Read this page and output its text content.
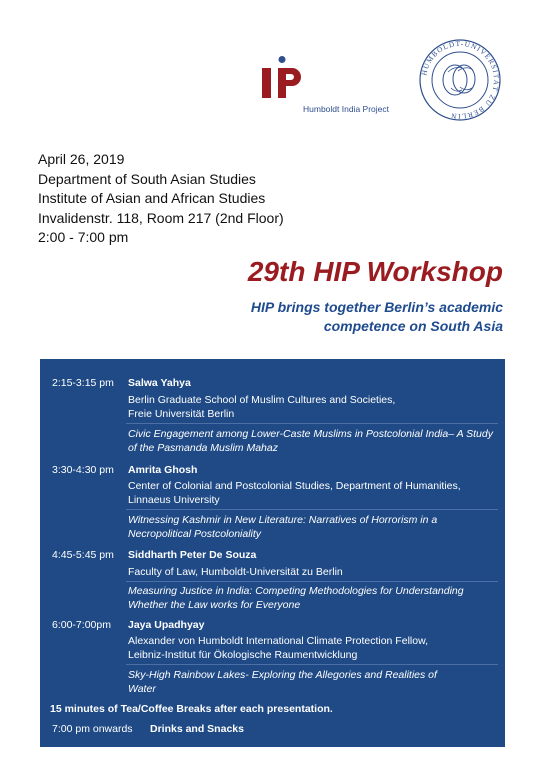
Humboldt India Project
HUMBOLDT-UNIVERSITÄT ZU BERLIN
April 26, 2019
Department of South Asian Studies
Institute of Asian and African Studies
Invalidenstr. 118, Room 217 (2nd Floor)
2:00 - 7:00 pm
29th HIP Workshop
HIP brings together Berlin’s academic
competence on South Asia
2:15-3:15 pm Salwa Yahya
Berlin Graduate School of Muslim Cultures and Societies,
Freie Universität Berlin
Civic Engagement among Lower-Caste Muslims in Postcolonial India– A Study
of the Pasmanda Muslim Mahaz
3:30-4:30 pm Amrita Ghosh
Center of Colonial and Postcolonial Studies, Department of Humanities,
Linnaeus University
Witnessing Kashmir in New Literature: Narratives of Horrorism in a
Necropolitical Postcoloniality
4:45-5:45 pm Siddharth Peter De Souza
Faculty of Law, Humboldt-Universität zu Berlin
Measuring Justice in India: Competing Methodologies for Understanding
Whether the Law works for Everyone
6:00-7:00pm Jaya Upadhyay
Alexander von Humboldt International Climate Protection Fellow,
Leibniz-Institut für Ökologische Raumentwicklung
Sky-High Rainbow Lakes- Exploring the Allegories and Realities of
Water
15 minutes of Tea/Coffee Breaks after each presentation.
7:00 pm onwards Drinks and Snacks
